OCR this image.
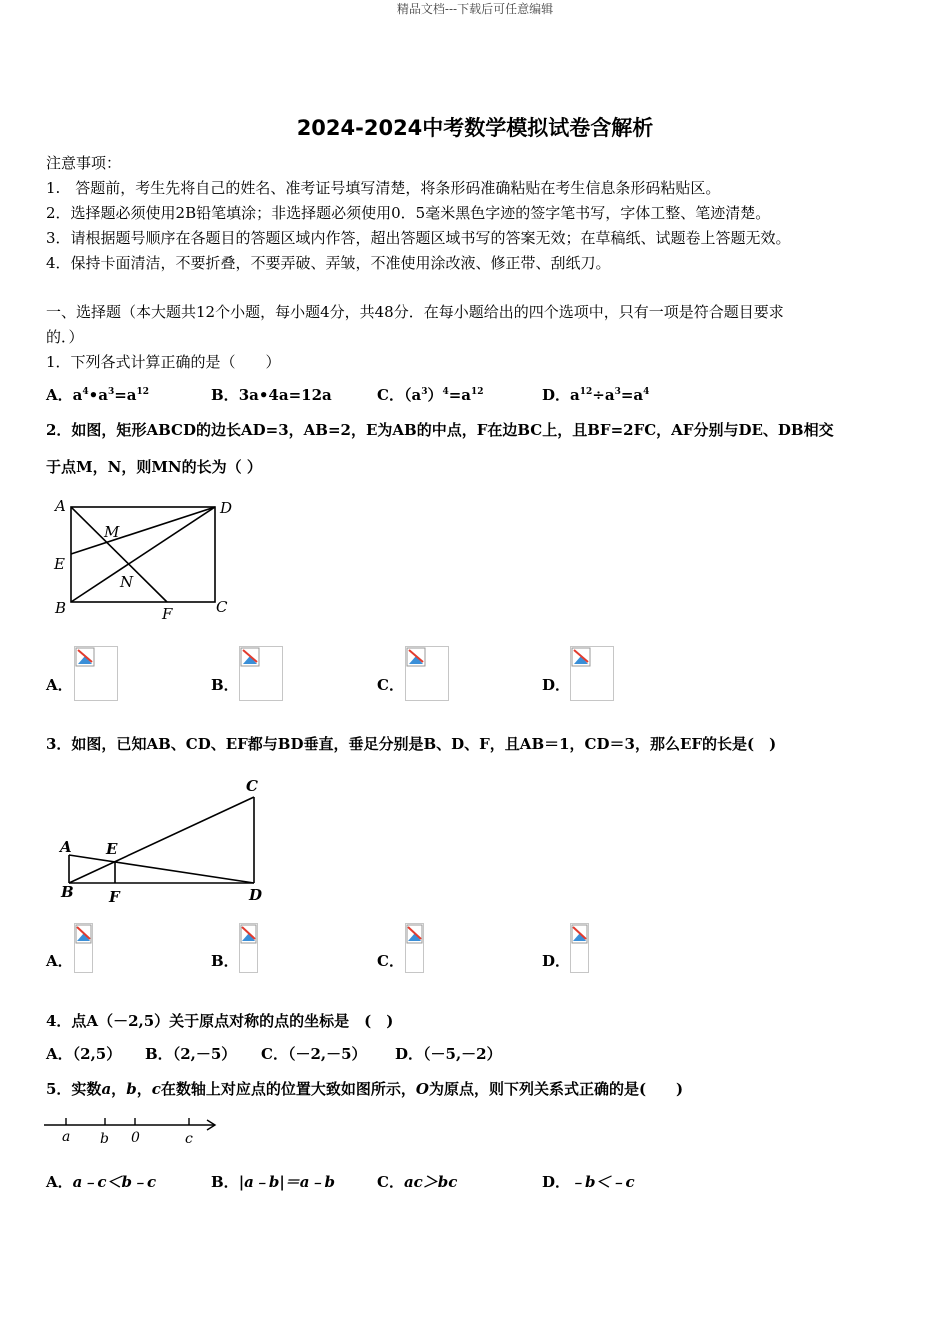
精品文档---下载后可任意编辑
2024-2024中考数学模拟试卷含解析
注意事项：
1.　答题前，考生先将自己的姓名、准考证号填写清楚，将条形码准确粘贴在考生信息条形码粘贴区。
2．选择题必须使用2B铅笔填涂；非选择题必须使用0．5毫米黑色字迹的签字笔书写，字体工整、笔迹清楚。
3．请根据题号顺序在各题目的答题区域内作答，超出答题区域书写的答案无效；在草稿纸、试题卷上答题无效。
4．保持卡面清洁，不要折叠，不要弄破、弄皱，不准使用涂改液、修正带、刮纸刀。
一、选择题（本大题共12个小题，每小题4分，共48分．在每小题给出的四个选项中，只有一项是符合题目要求
的．）
1．下列各式计算正确的是（　　）
A．$a^4•a^3=a^{12}$	B．3a•4a=12a	C．$(a^3)^4=a^{12}$	D．$a^{12}\div a^3=a^4$
2．如图，矩形ABCD的边长AD=3，AB=2，E为AB的中点，F在边BC上，且BF=2FC，AF分别与DE、DB相交
于点M，N，则MN的长为（ ）
A	D
E
M
N
B	F	C
A．	B．	C．	D．
3．如图，已知AB、CD、EF都与BD垂直，垂足分别是B、D、F，且AB＝1，CD＝3，那么EF的长是(　)
C
A E
B F	D
A．	B．	C．	D．
4．点A（－2,5）关于原点对称的点的坐标是　(　)
A．（2,5） B．（2,－5） C．（－2,－5） D．（－5,－2）
5．实数a，b，c在数轴上对应点的位置大致如图所示，O为原点，则下列关系式正确的是(　　)
a b 0	c
A．a﹣c＜b﹣c	B．|a﹣b|＝a﹣b	C．ac＞bc	D．﹣b＜﹣c
